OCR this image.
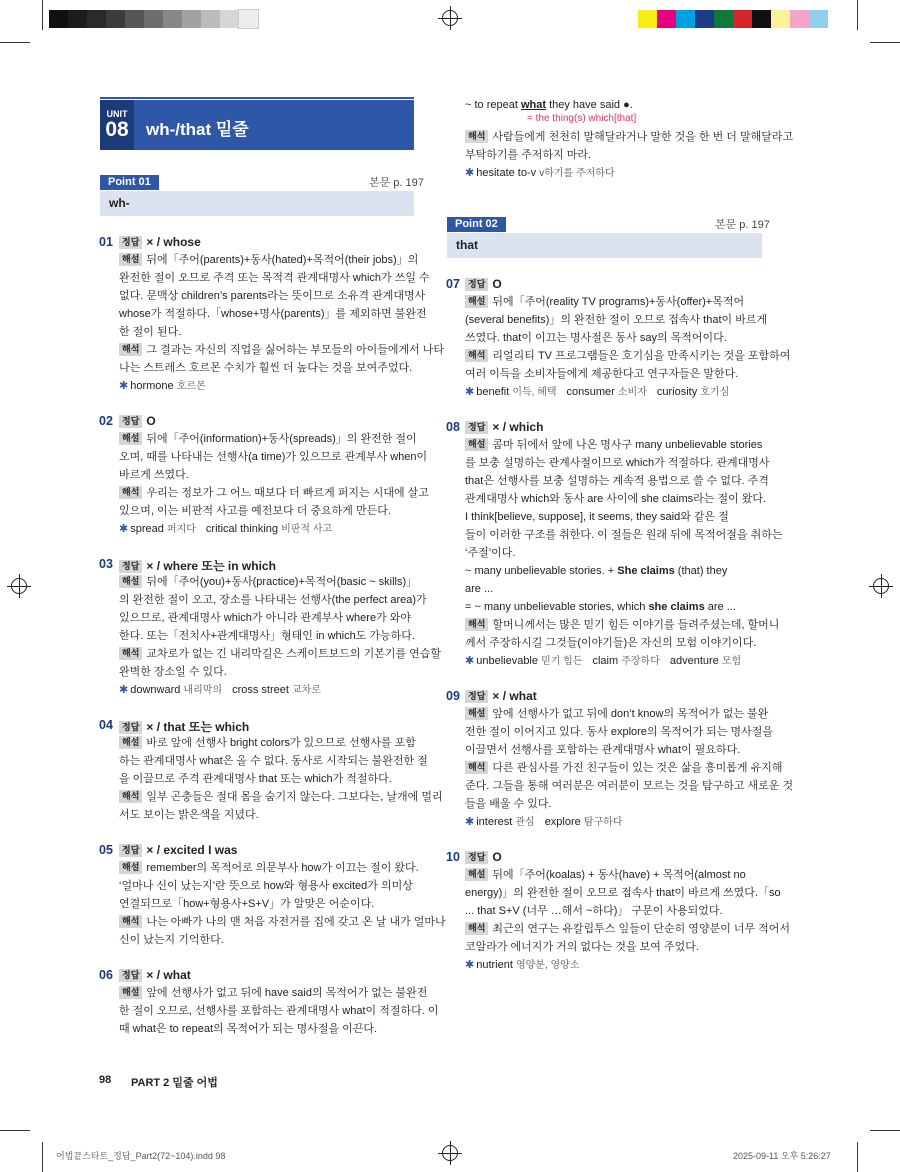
UNIT
08	wh-/that 밑줄
Point 01	본문 p. 197
wh-
01	정답 × / whose
해설 뒤에「주어(parents)+동사(hated)+목적어(their jobs)」의
완전한 절이 오므로 주격 또는 목적격 관계대명사 which가 쓰일 수
없다. 문맥상 children’s parents라는 뜻이므로 소유격 관계대명사
whose가 적절하다.「whose+명사(parents)」를 제외하면 불완전
한 절이 된다.
해석 그 결과는 자신의 직업을 싫어하는 부모들의 아이들에게서 나타
나는 스트레스 호르몬 수치가 훨씬 더 높다는 것을 보여주었다.
✱ hormone 호르몬
02	정답 O
해설 뒤에「주어(information)+동사(spreads)」의 완전한 절이
오며, 때를 나타내는 선행사(a time)가 있으므로 관계부사 when이
바르게 쓰였다.
해석 우리는 정보가 그 어느 때보다 더 빠르게 퍼지는 시대에 살고
있으며, 이는 비판적 사고를 예전보다 더 중요하게 만든다.
✱ spread 퍼지다 critical thinking 비판적 사고
03	정답 × / where 또는 in which
해설 뒤에「주어(you)+동사(practice)+목적어(basic ~ skills)」
의 완전한 절이 오고, 장소를 나타내는 선행사(the perfect area)가
있으므로, 관계대명사 which가 아니라 관계부사 where가 와야
한다. 또는「전치사+관계대명사」형태인 in which도 가능하다.
해석 교차로가 없는 긴 내리막길은 스케이트보드의 기본기를 연습할
완벽한 장소일 수 있다.
✱ downward 내리막의 cross street 교차로
04	정답 × / that 또는 which
해설 바로 앞에 선행사 bright colors가 있으므로 선행사를 포함
하는 관계대명사 what은 올 수 없다. 동사로 시작되는 불완전한 절
을 이끌므로 주격 관계대명사 that 또는 which가 적절하다.
해석 일부 곤충들은 절대 몸을 숨기지 않는다. 그보다는, 날개에 멀리
서도 보이는 밝은색을 지녔다.
05	정답 × / excited I was
해설 remember의 목적어로 의문부사 how가 이끄는 절이 왔다.
‘얼마나 신이 났는지’란 뜻으로 how와 형용사 excited가 의미상
연결되므로「how+형용사+S+V」가 알맞은 어순이다.
해석 나는 아빠가 나의 맨 처음 자전거를 집에 갖고 온 날 내가 얼마나
신이 났는지 기억한다.
06	정답 × / what
해설 앞에 선행사가 없고 뒤에 have said의 목적어가 없는 불완전
한 절이 오므로, 선행사를 포함하는 관계대명사 what이 적절하다. 이
때 what은 to repeat의 목적어가 되는 명사절을 이끈다.
98 PART 2 밑줄 어법
~ to repeat what they have said ●.
= the thing(s) which[that]
해석 사람들에게 천천히 말해달라거나 말한 것을 한 번 더 말해달라고
부탁하기를 주저하지 마라.
✱ hesitate to-v v하기를 주저하다
Point 02	본문 p. 197
that
07 정답 O
해설 뒤에「주어(reality TV programs)+동사(offer)+목적어
(several benefits)」의 완전한 절이 오므로 접속사 that이 바르게
쓰였다. that이 이끄는 명사절은 동사 say의 목적어이다.
해석 리얼리티 TV 프로그램들은 호기심을 만족시키는 것을 포함하여
여러 이득을 소비자들에게 제공한다고 연구자들은 말한다.
✱ benefit 이득, 혜택 consumer 소비자 curiosity 호기심
08 정답 × / which
해설 콤마 뒤에서 앞에 나온 명사구 many unbelievable stories
를 보충 설명하는 관계사절이므로 which가 적절하다. 관계대명사
that은 선행사를 보충 설명하는 계속적 용법으로 쓸 수 없다. 주격
관계대명사 which와 동사 are 사이에 she claims라는 절이 왔다.
I think[believe, suppose], it seems, they said와 같은 절
들이 이러한 구조를 취한다. 이 절들은 원래 뒤에 목적어절을 취하는
‘주절’이다.
~ many unbelievable stories. + She claims (that) they
are ...
= ~ many unbelievable stories, which she claims are ...
해석 할머니께서는 많은 믿기 힘든 이야기를 들려주셨는데, 할머니
께서 주장하시길 그것들(이야기들)은 자신의 모험 이야기이다.
✱ unbelievable 믿기 힘든 claim 주장하다 adventure 모험
09 정답 × / what
해설 앞에 선행사가 없고 뒤에 don’t know의 목적어가 없는 불완
전한 절이 이어지고 있다. 동사 explore의 목적어가 되는 명사절을
이끌면서 선행사를 포함하는 관계대명사 what이 필요하다.
해석 다른 관심사를 가진 친구들이 있는 것은 삶을 흥미롭게 유지해
준다. 그들을 통해 여러분은 여러분이 모르는 것을 탐구하고 새로운 것
들을 배울 수 있다.
✱ interest 관심 explore 탐구하다
10 정답 O
해설 뒤에「주어(koalas) + 동사(have) + 목적어(almost no
energy)」의 완전한 절이 오므로 접속사 that이 바르게 쓰였다.「so
... that S+V (너무 …해서 ~하다)」 구문이 사용되었다.
해석 최근의 연구는 유칼립투스 잎들이 단순히 영양분이 너무 적어서
코알라가 에너지가 거의 없다는 것을 보여 주었다.
✱ nutrient 영양분, 영양소
어법끝스타트_정답_Part2(72~104).indd 98	2025-09-11 오후 5:26:27
